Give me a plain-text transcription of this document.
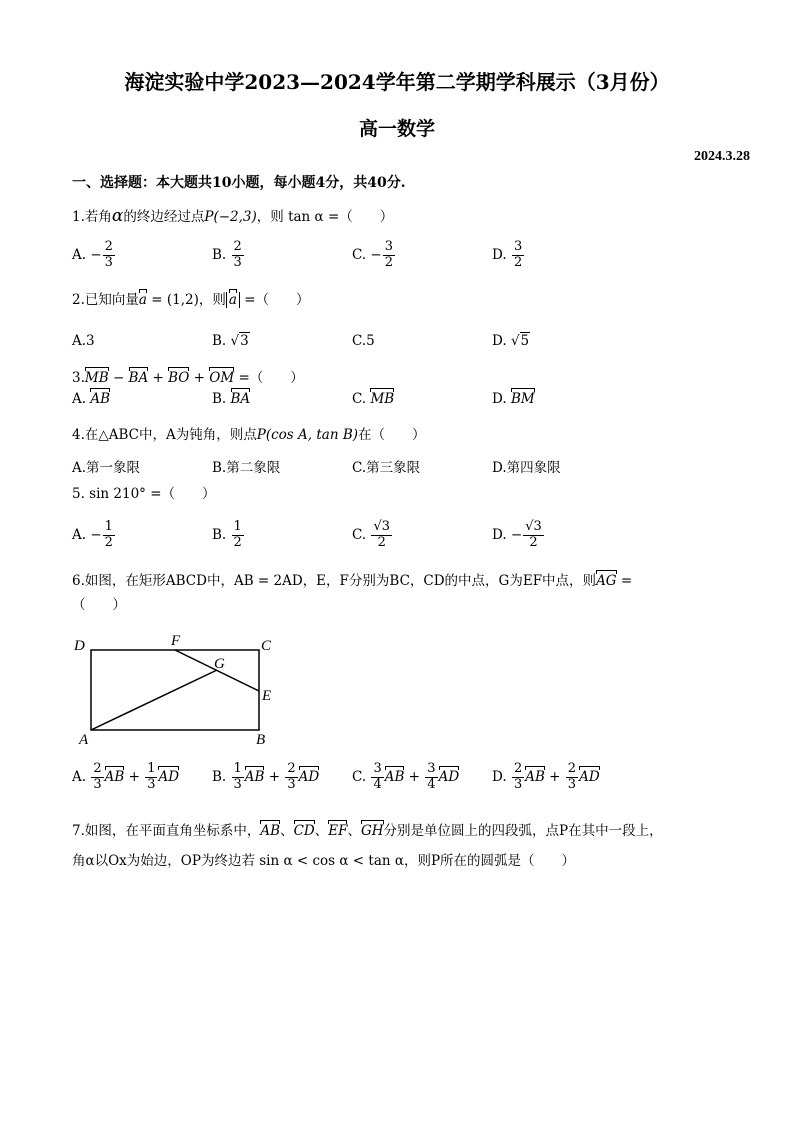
海淀实验中学2023—2024学年第二学期学科展示（3月份）
高一数学
2024.3.28
一、选择题：本大题共10小题，每小题4分，共40分.
1.若角α的终边经过点P(−2,3)，则 tan α =（　　）
A. − $\frac{2}{3}$	B. $\frac{2}{3}$	C. − $\frac{3}{2}$	D. $\frac{3}{2}$
2.已知向量a = (1,2)，则 a =（　　）
A.3	B. √3	C.5	D. √5
3.MB − BA + BO + OM =（　　）
A. AB	B. BA	C. MB	D. BM
4.在△ABC中，A为钝角，则点P(cos A, tan B)在（　　）
A.第一象限	B.第二象限	C.第三象限	D.第四象限
5. sin 210° =（　　）
A. − $\frac{1}{2}$	B. $\frac{1}{2}$	C. $\frac{√3}{2}$	D. − $\frac{√3}{2}$
6.如图，在矩形ABCD中，AB = 2AD，E，F分别为BC，CD的中点，G为EF中点，则AG =
（　　）
D	F	C
G
E
A	B
A. $\frac{2}{3}$ AB + $\frac{1}{3}$ AD B. $\frac{1}{3}$ AB + $\frac{2}{3}$ AD C. $\frac{3}{4}$ AB + $\frac{3}{4}$ AD D. $\frac{2}{3}$ AB + $\frac{2}{3}$ AD
7.如图，在平面直角坐标系中，AB、CD、EF、GH分别是单位圆上的四段弧，点P在其中一段上，
角α以Ox为始边，OP为终边若 sin α < cos α < tan α，则P所在的圆弧是（　　）
